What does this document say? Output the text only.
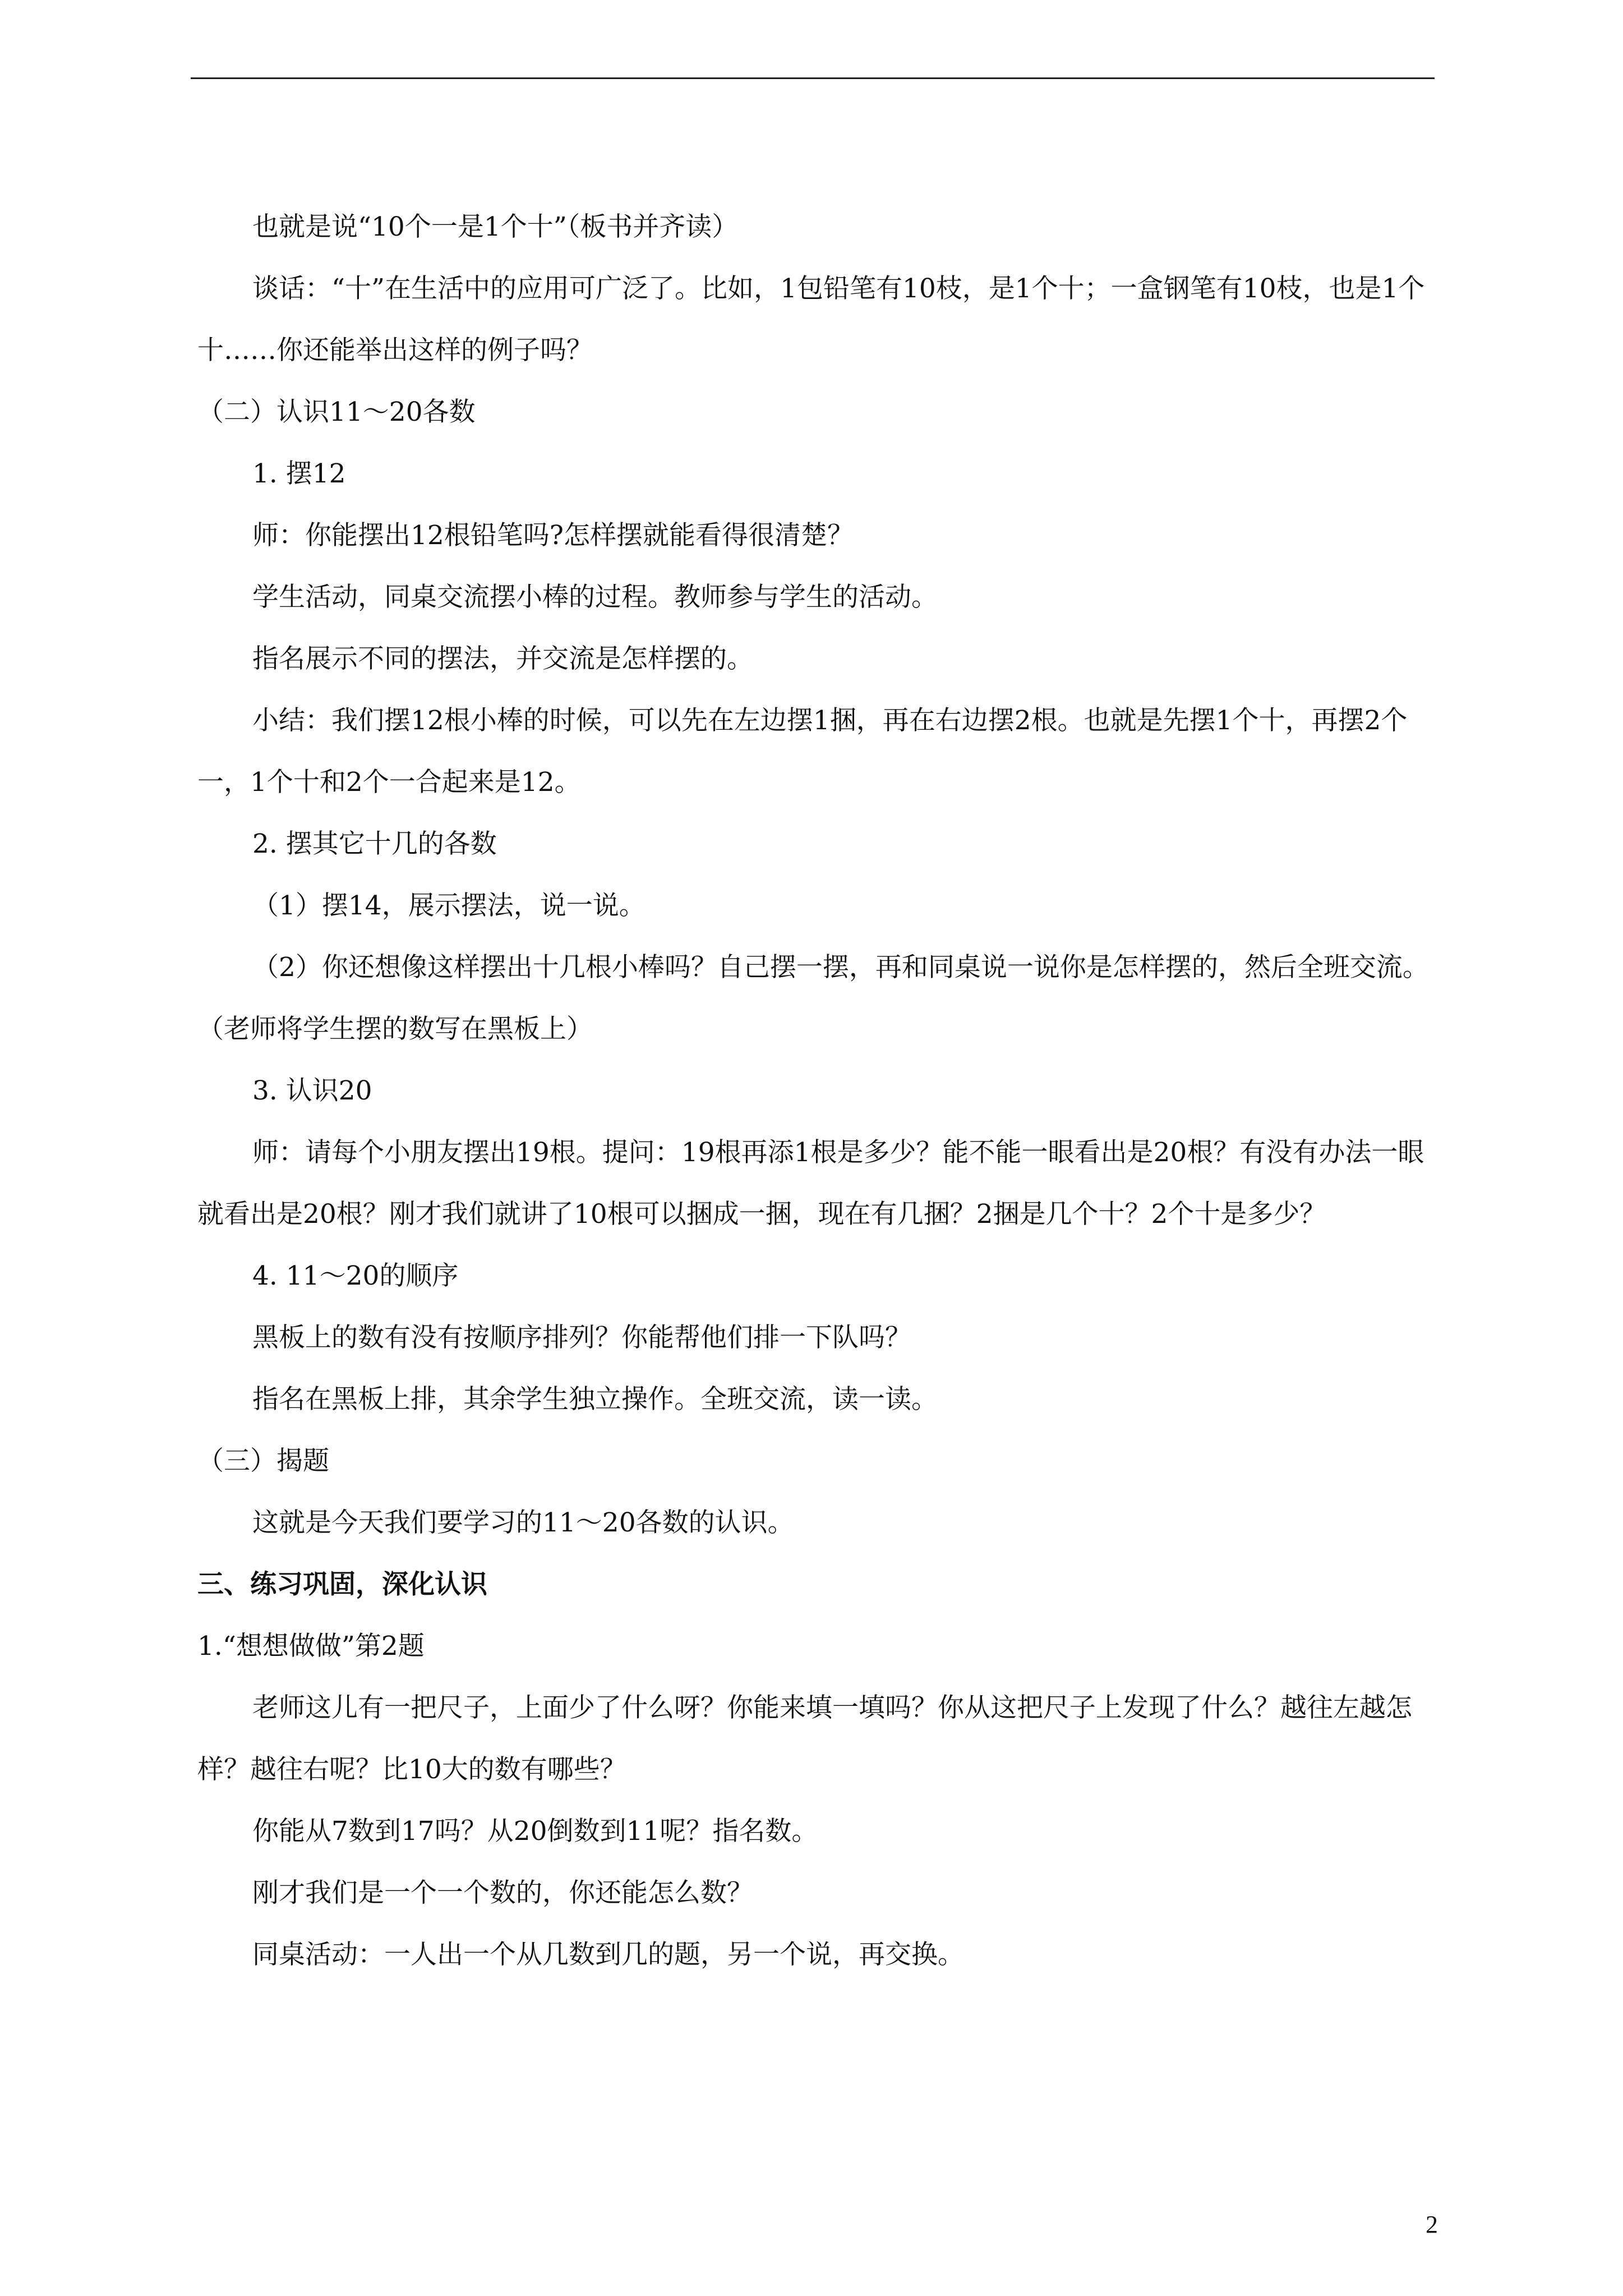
也就是说“10个一是1个十”（板书并齐读）

谈话：“十”在生活中的应用可广泛了。比如，1包铅笔有10枝，是1个十；一盒钢笔有10枝，也是1个十……你还能举出这样的例子吗？

（二）认识11～20各数

1. 摆12

师：你能摆出12根铅笔吗?怎样摆就能看得很清楚？

学生活动，同桌交流摆小棒的过程。教师参与学生的活动。

指名展示不同的摆法，并交流是怎样摆的。

小结：我们摆12根小棒的时候，可以先在左边摆1捆，再在右边摆2根。也就是先摆1个十，再摆2个一，1个十和2个一合起来是12。

2. 摆其它十几的各数

（1）摆14，展示摆法，说一说。

（2）你还想像这样摆出十几根小棒吗？自己摆一摆，再和同桌说一说你是怎样摆的，然后全班交流。（老师将学生摆的数写在黑板上）

3. 认识20

师：请每个小朋友摆出19根。提问：19根再添1根是多少？能不能一眼看出是20根？有没有办法一眼就看出是20根？刚才我们就讲了10根可以捆成一捆，现在有几捆？2捆是几个十？2个十是多少？

4. 11～20的顺序

黑板上的数有没有按顺序排列？你能帮他们排一下队吗？

指名在黑板上排，其余学生独立操作。全班交流，读一读。

（三）揭题

这就是今天我们要学习的11～20各数的认识。

三、练习巩固，深化认识

1.“想想做做”第2题

老师这儿有一把尺子，上面少了什么呀？你能来填一填吗？你从这把尺子上发现了什么？越往左越怎样？越往右呢？比10大的数有哪些？

你能从7数到17吗？从20倒数到11呢？指名数。

刚才我们是一个一个数的，你还能怎么数？

同桌活动：一人出一个从几数到几的题，另一个说，再交换。

2
